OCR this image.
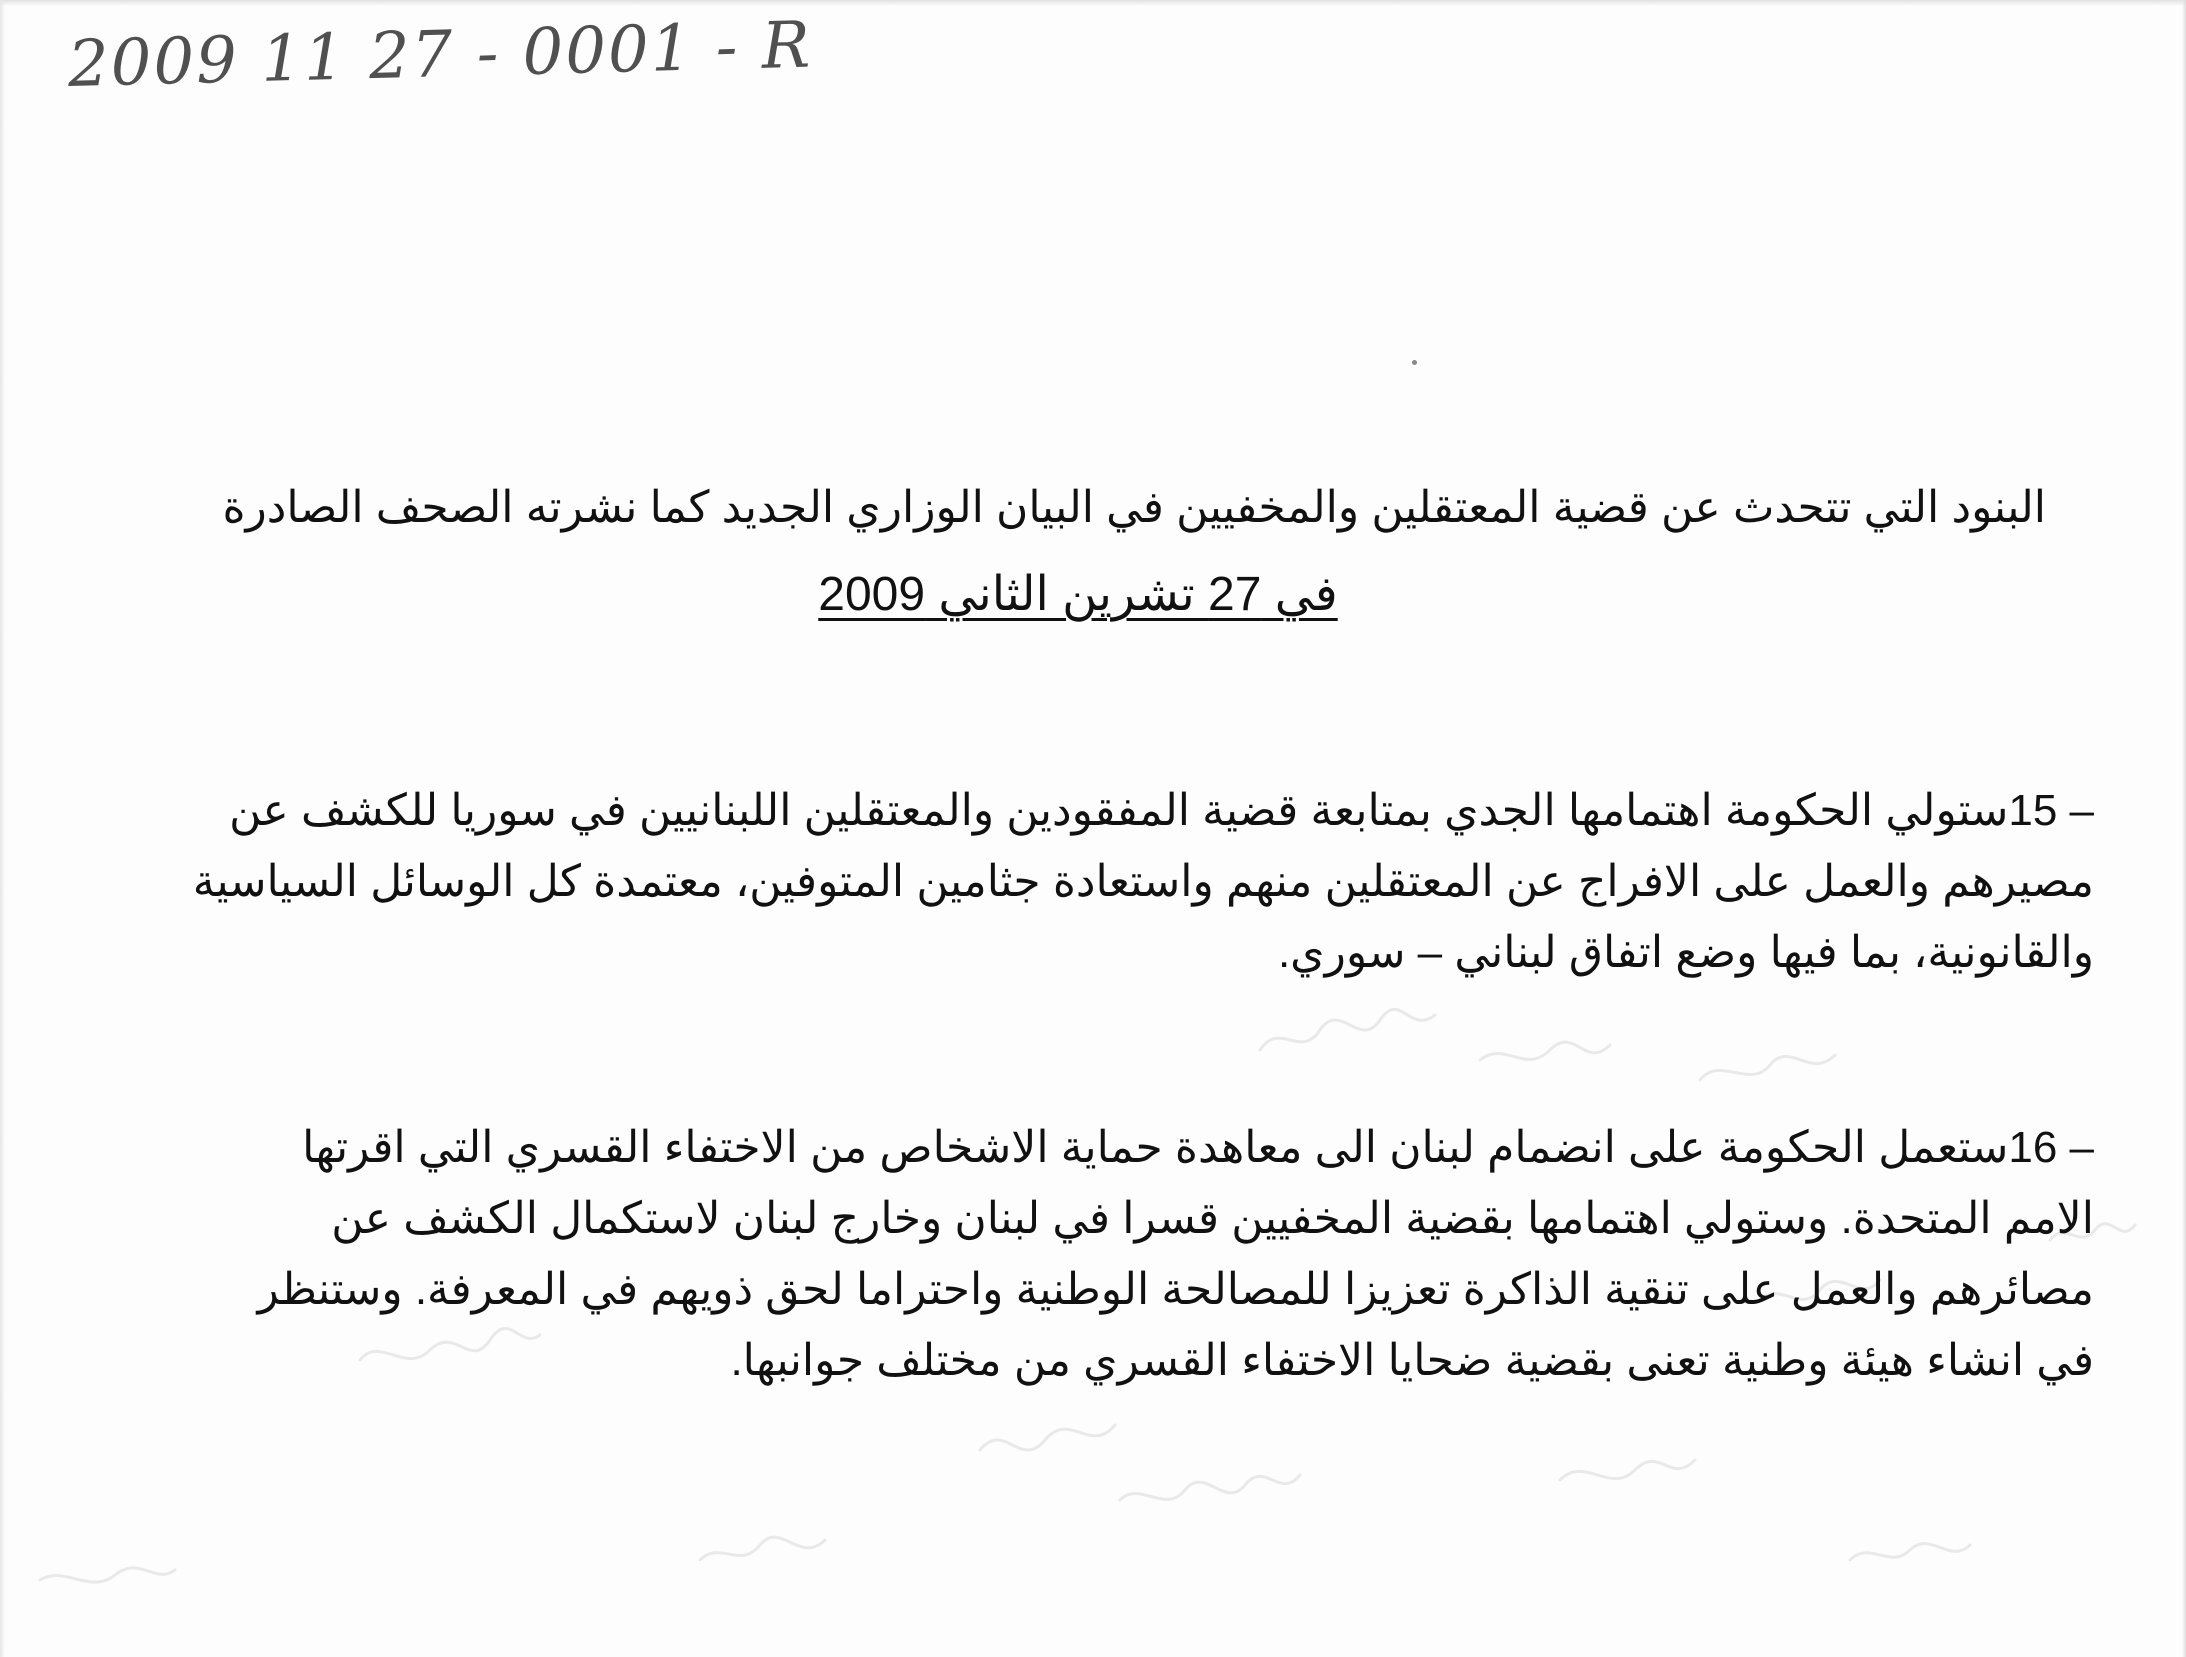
2009 11 27 - 0001 - R
البنود التي تتحدث عن قضية المعتقلين والمخفيين في البيان الوزاري الجديد كما نشرته الصحف الصادرة
في 27 تشرين الثاني 2009
– 15ستولي الحكومة اهتمامها الجدي بمتابعة قضية المفقودين والمعتقلين اللبنانيين في سوريا للكشف عن
مصيرهم والعمل على الافراج عن المعتقلين منهم واستعادة جثامين المتوفين، معتمدة كل الوسائل السياسية
والقانونية، بما فيها وضع اتفاق لبناني – سوري.
– 16ستعمل الحكومة على انضمام لبنان الى معاهدة حماية الاشخاص من الاختفاء القسري التي اقرتها
الامم المتحدة. وستولي اهتمامها بقضية المخفيين قسرا في لبنان وخارج لبنان لاستكمال الكشف عن
مصائرهم والعمل على تنقية الذاكرة تعزيزا للمصالحة الوطنية واحتراما لحق ذويهم في المعرفة. وستنظر
في انشاء هيئة وطنية تعنى بقضية ضحايا الاختفاء القسري من مختلف جوانبها.
